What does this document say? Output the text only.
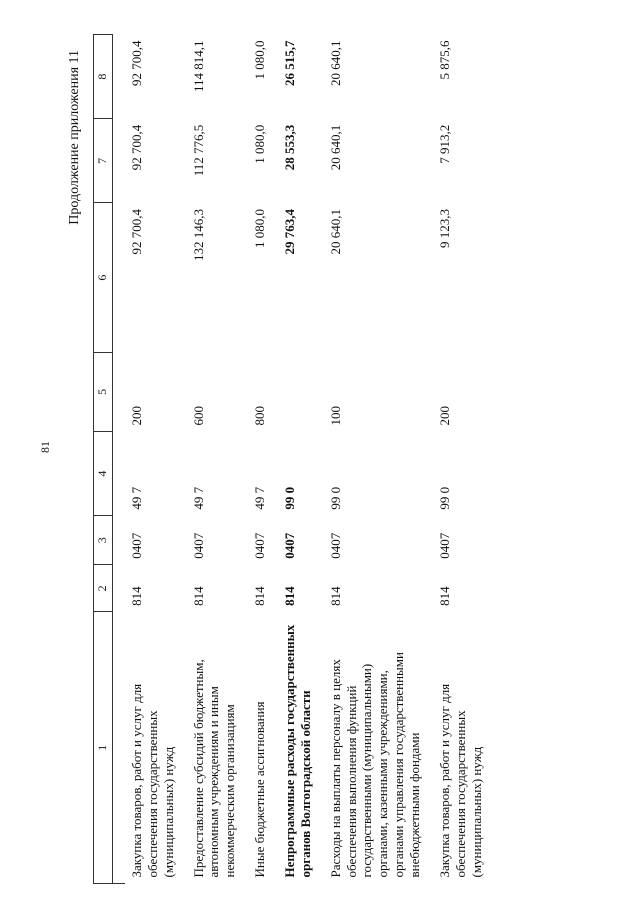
81
Продолжение приложения 11
1	2	3	4	5	6	7	8

Закупка товаров, работ и услуг для обеспечения государственных (муниципальных) нужд	814	0407	49 7	200	92 700,4	92 700,4	92 700,4
Предоставление субсидий бюджетным, автономным учреждениям и иным некоммерческим организациям	814	0407	49 7	600	132 146,3	112 776,5	114 814,1
Иные бюджетные ассигнования	814	0407	49 7	800	1 080,0	1 080,0	1 080,0
Непрограммные расходы государственных органов Волгоградской области	814	0407	99 0		29 763,4	28 553,3	26 515,7
Расходы на выплаты персоналу в целях обеспечения выполнения функций государственными (муниципальными) органами, казенными учреждениями, органами управления государственными внебюджетными фондами	814	0407	99 0	100	20 640,1	20 640,1	20 640,1
Закупка товаров, работ и услуг для обеспечения государственных (муниципальных) нужд	814	0407	99 0	200	9 123,3	7 913,2	5 875,6
